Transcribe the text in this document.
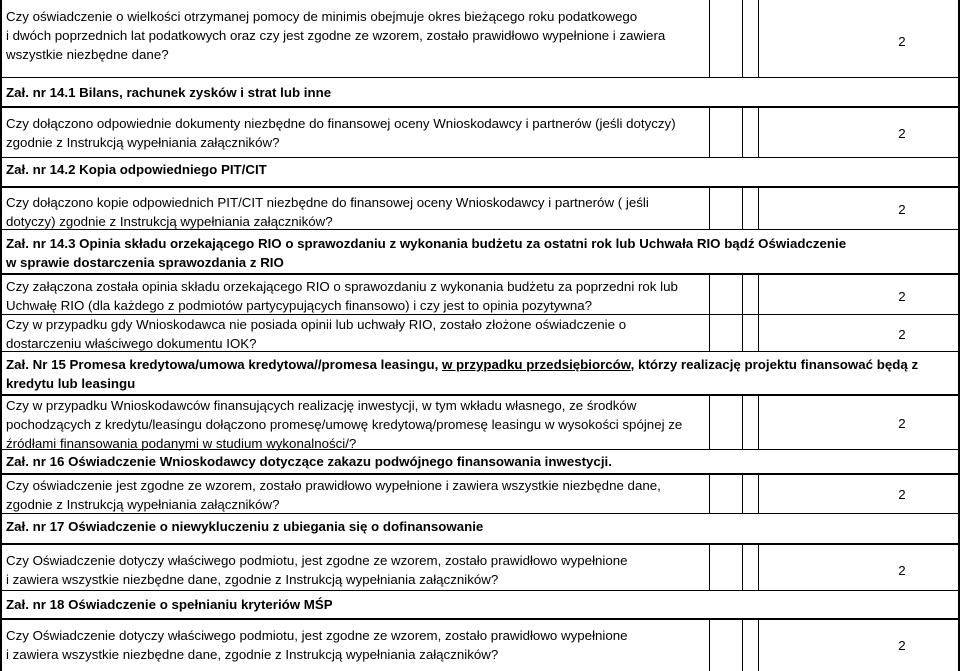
Czy oświadczenie o wielkości otrzymanej pomocy de minimis obejmuje okres bieżącego roku podatkowego
i dwóch poprzednich lat podatkowych oraz czy jest zgodne ze wzorem, zostało prawidłowo wypełnione i zawiera
wszystkie niezbędne dane?
2
Zał. nr 14.1 Bilans, rachunek zysków i strat lub inne
Czy dołączono odpowiednie dokumenty niezbędne do finansowej oceny Wnioskodawcy i partnerów (jeśli dotyczy)
zgodnie z Instrukcją wypełniania załączników?
2
Zał. nr 14.2 Kopia odpowiedniego PIT/CIT
Czy dołączono kopie odpowiednich PIT/CIT niezbędne do finansowej oceny Wnioskodawcy i partnerów ( jeśli
dotyczy) zgodnie z Instrukcją wypełniania załączników?
2
Zał. nr 14.3 Opinia składu orzekającego RIO o sprawozdaniu z wykonania budżetu za ostatni rok lub Uchwała RIO bądź Oświadczenie
w sprawie dostarczenia sprawozdania z RIO
Czy załączona została opinia składu orzekającego RIO o sprawozdaniu z wykonania budżetu za poprzedni rok lub
Uchwałę RIO (dla każdego z podmiotów partycypujących finansowo) i czy jest to opinia pozytywna?
2
Czy w przypadku gdy Wnioskodawca nie posiada opinii lub uchwały RIO, zostało złożone oświadczenie o
dostarczeniu właściwego dokumentu IOK?
2
Zał. Nr 15 Promesa kredytowa/umowa kredytowa//promesa leasingu, w przypadku przedsiębiorców, którzy realizację projektu finansować będą z
kredytu lub leasingu
Czy w przypadku Wnioskodawców finansujących realizację inwestycji, w tym wkładu własnego, ze środków
pochodzących z kredytu/leasingu dołączono promesę/umowę kredytową/promesę leasingu w wysokości spójnej ze
źródłami finansowania podanymi w studium wykonalności/?
2
Zał. nr 16 Oświadczenie Wnioskodawcy dotyczące zakazu podwójnego finansowania inwestycji.
Czy oświadczenie jest zgodne ze wzorem, zostało prawidłowo wypełnione i zawiera wszystkie niezbędne dane,
zgodnie z Instrukcją wypełniania załączników?
2
Zał. nr 17 Oświadczenie o niewykluczeniu z ubiegania się o dofinansowanie
Czy Oświadczenie dotyczy właściwego podmiotu, jest zgodne ze wzorem, zostało prawidłowo wypełnione
i zawiera wszystkie niezbędne dane, zgodnie z Instrukcją wypełniania załączników?
2
Zał. nr 18 Oświadczenie o spełnianiu kryteriów MŚP
Czy Oświadczenie dotyczy właściwego podmiotu, jest zgodne ze wzorem, zostało prawidłowo wypełnione
i zawiera wszystkie niezbędne dane, zgodnie z Instrukcją wypełniania załączników?
2
